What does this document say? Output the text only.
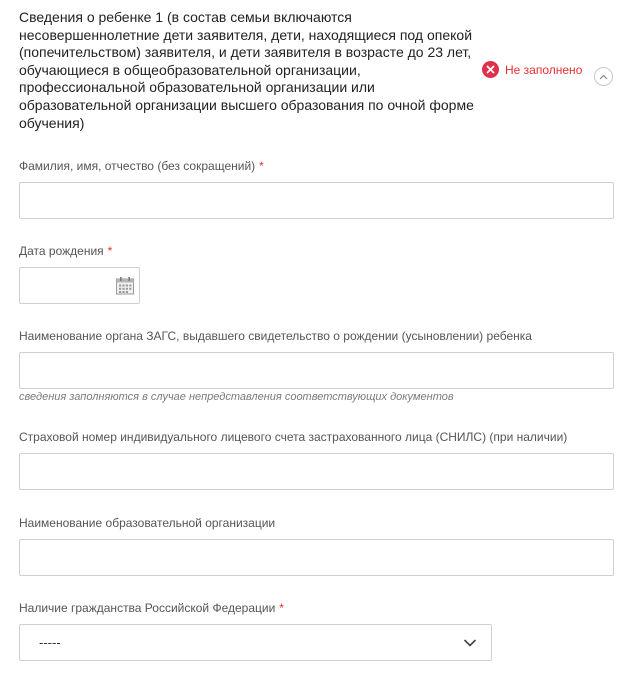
Сведения о ребенке 1 (в состав семьи включаются несовершеннолетние дети заявителя, дети, находящиеся под опекой (попечительством) заявителя, и дети заявителя в возрасте до 23 лет, обучающиеся в общеобразовательной организации, профессиональной образовательной организации или образовательной организации высшего образования по очной форме обучения)
Не заполнено
Фамилия, имя, отчество (без сокращений) *
Дата рождения *
Наименование органа ЗАГС, выдавшего свидетельство о рождении (усыновлении) ребенка
сведения заполняются в случае непредставления соответствующих документов
Страховой номер индивидуального лицевого счета застрахованного лица (СНИЛС) (при наличии)
Наименование образовательной организации
Наличие гражданства Российской Федерации *
-----
